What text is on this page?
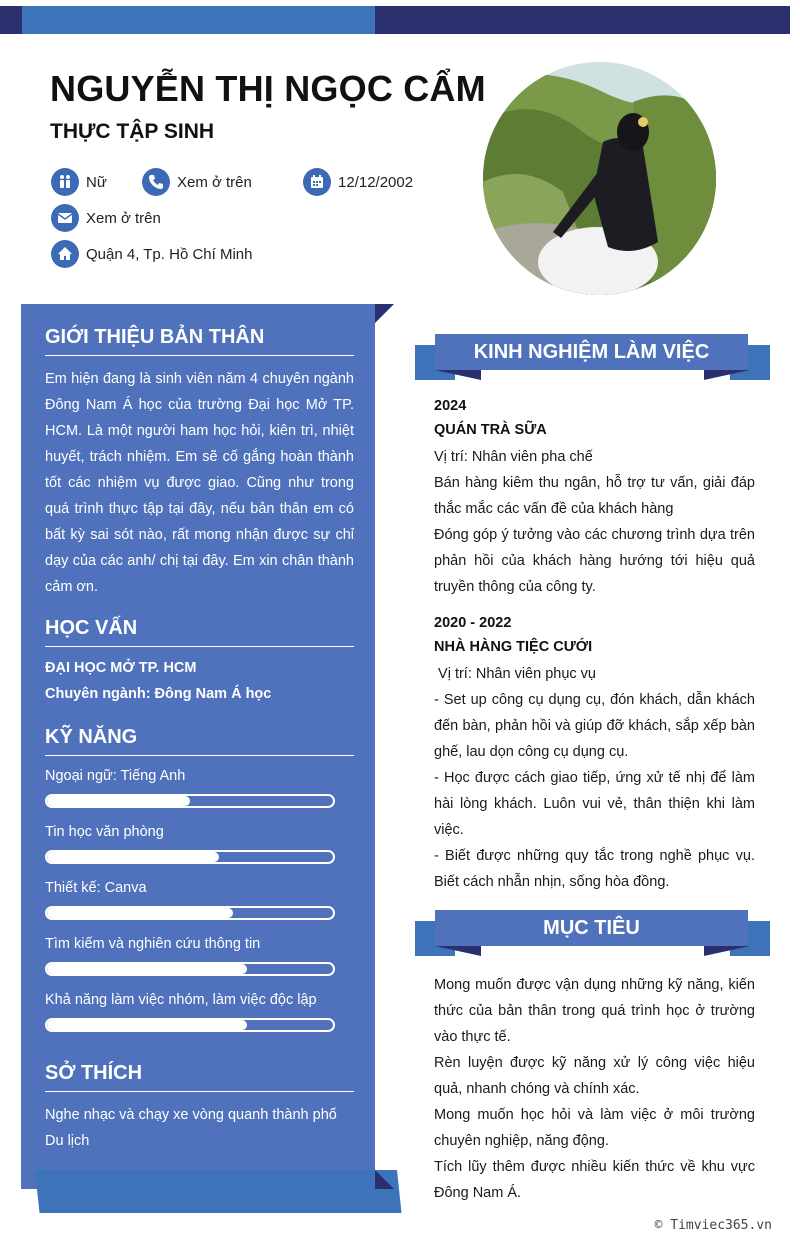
NGUYỄN THỊ NGỌC CẨM
THỰC TẬP SINH
Nữ	Xem ở trên	12/12/2002
Xem ở trên
Quận 4, Tp. Hồ Chí Minh
GIỚI THIỆU BẢN THÂN

Em hiện đang là sinh viên năm 4 chuyên ngành Đông Nam Á học của trường Đại học Mở TP. HCM. Là một người ham học hỏi, kiên trì, nhiệt huyết, trách nhiệm. Em sẽ cố gắng hoàn thành tốt các nhiệm vụ được giao. Cũng như trong quá trình thực tập tại đây, nếu bản thân em có bất kỳ sai sót nào, rất mong nhận được sự chỉ dạy của các anh/ chị tại đây. Em xin chân thành cảm ơn.

HỌC VẤN

ĐẠI HỌC MỞ TP. HCM

Chuyên ngành: Đông Nam Á học

KỸ NĂNG

Ngoại ngữ: Tiếng Anh

Tin học văn phòng

Thiết kế: Canva

Tìm kiếm và nghiên cứu thông tin

Khả năng làm việc nhóm, làm việc độc lập

SỞ THÍCH

Nghe nhạc và chạy xe vòng quanh thành phố

Du lịch

KINH NGHIỆM LÀM VIỆC

2024

QUÁN TRÀ SỮA

Vị trí: Nhân viên pha chế

Bán hàng kiêm thu ngân, hỗ trợ tư vấn, giải đáp thắc mắc các vấn đề của khách hàng

Đóng góp ý tưởng vào các chương trình dựa trên phản hồi của khách hàng hướng tới hiệu quả truyền thông của công ty.

2020 - 2022

NHÀ HÀNG TIỆC CƯỚI

Vị trí: Nhân viên phục vụ

- Set up công cụ dụng cụ, đón khách, dẫn khách đến bàn, phản hồi và giúp đỡ khách, sắp xếp bàn ghế, lau dọn công cụ dụng cụ.

- Học được cách giao tiếp, ứng xử tế nhị để làm hài lòng khách. Luôn vui vẻ, thân thiện khi làm việc.

- Biết được những quy tắc trong nghề phục vụ. Biết cách nhẫn nhịn, sống hòa đồng.

MỤC TIÊU

Mong muốn được vận dụng những kỹ năng, kiến thức của bản thân trong quá trình học ở trường vào thực tế.

Rèn luyện được kỹ năng xử lý công việc hiệu quả, nhanh chóng và chính xác.

Mong muốn học hỏi và làm việc ở môi trường chuyên nghiệp, năng động.

Tích lũy thêm được nhiều kiến thức về khu vực Đông Nam Á.

© Timviec365.vn
